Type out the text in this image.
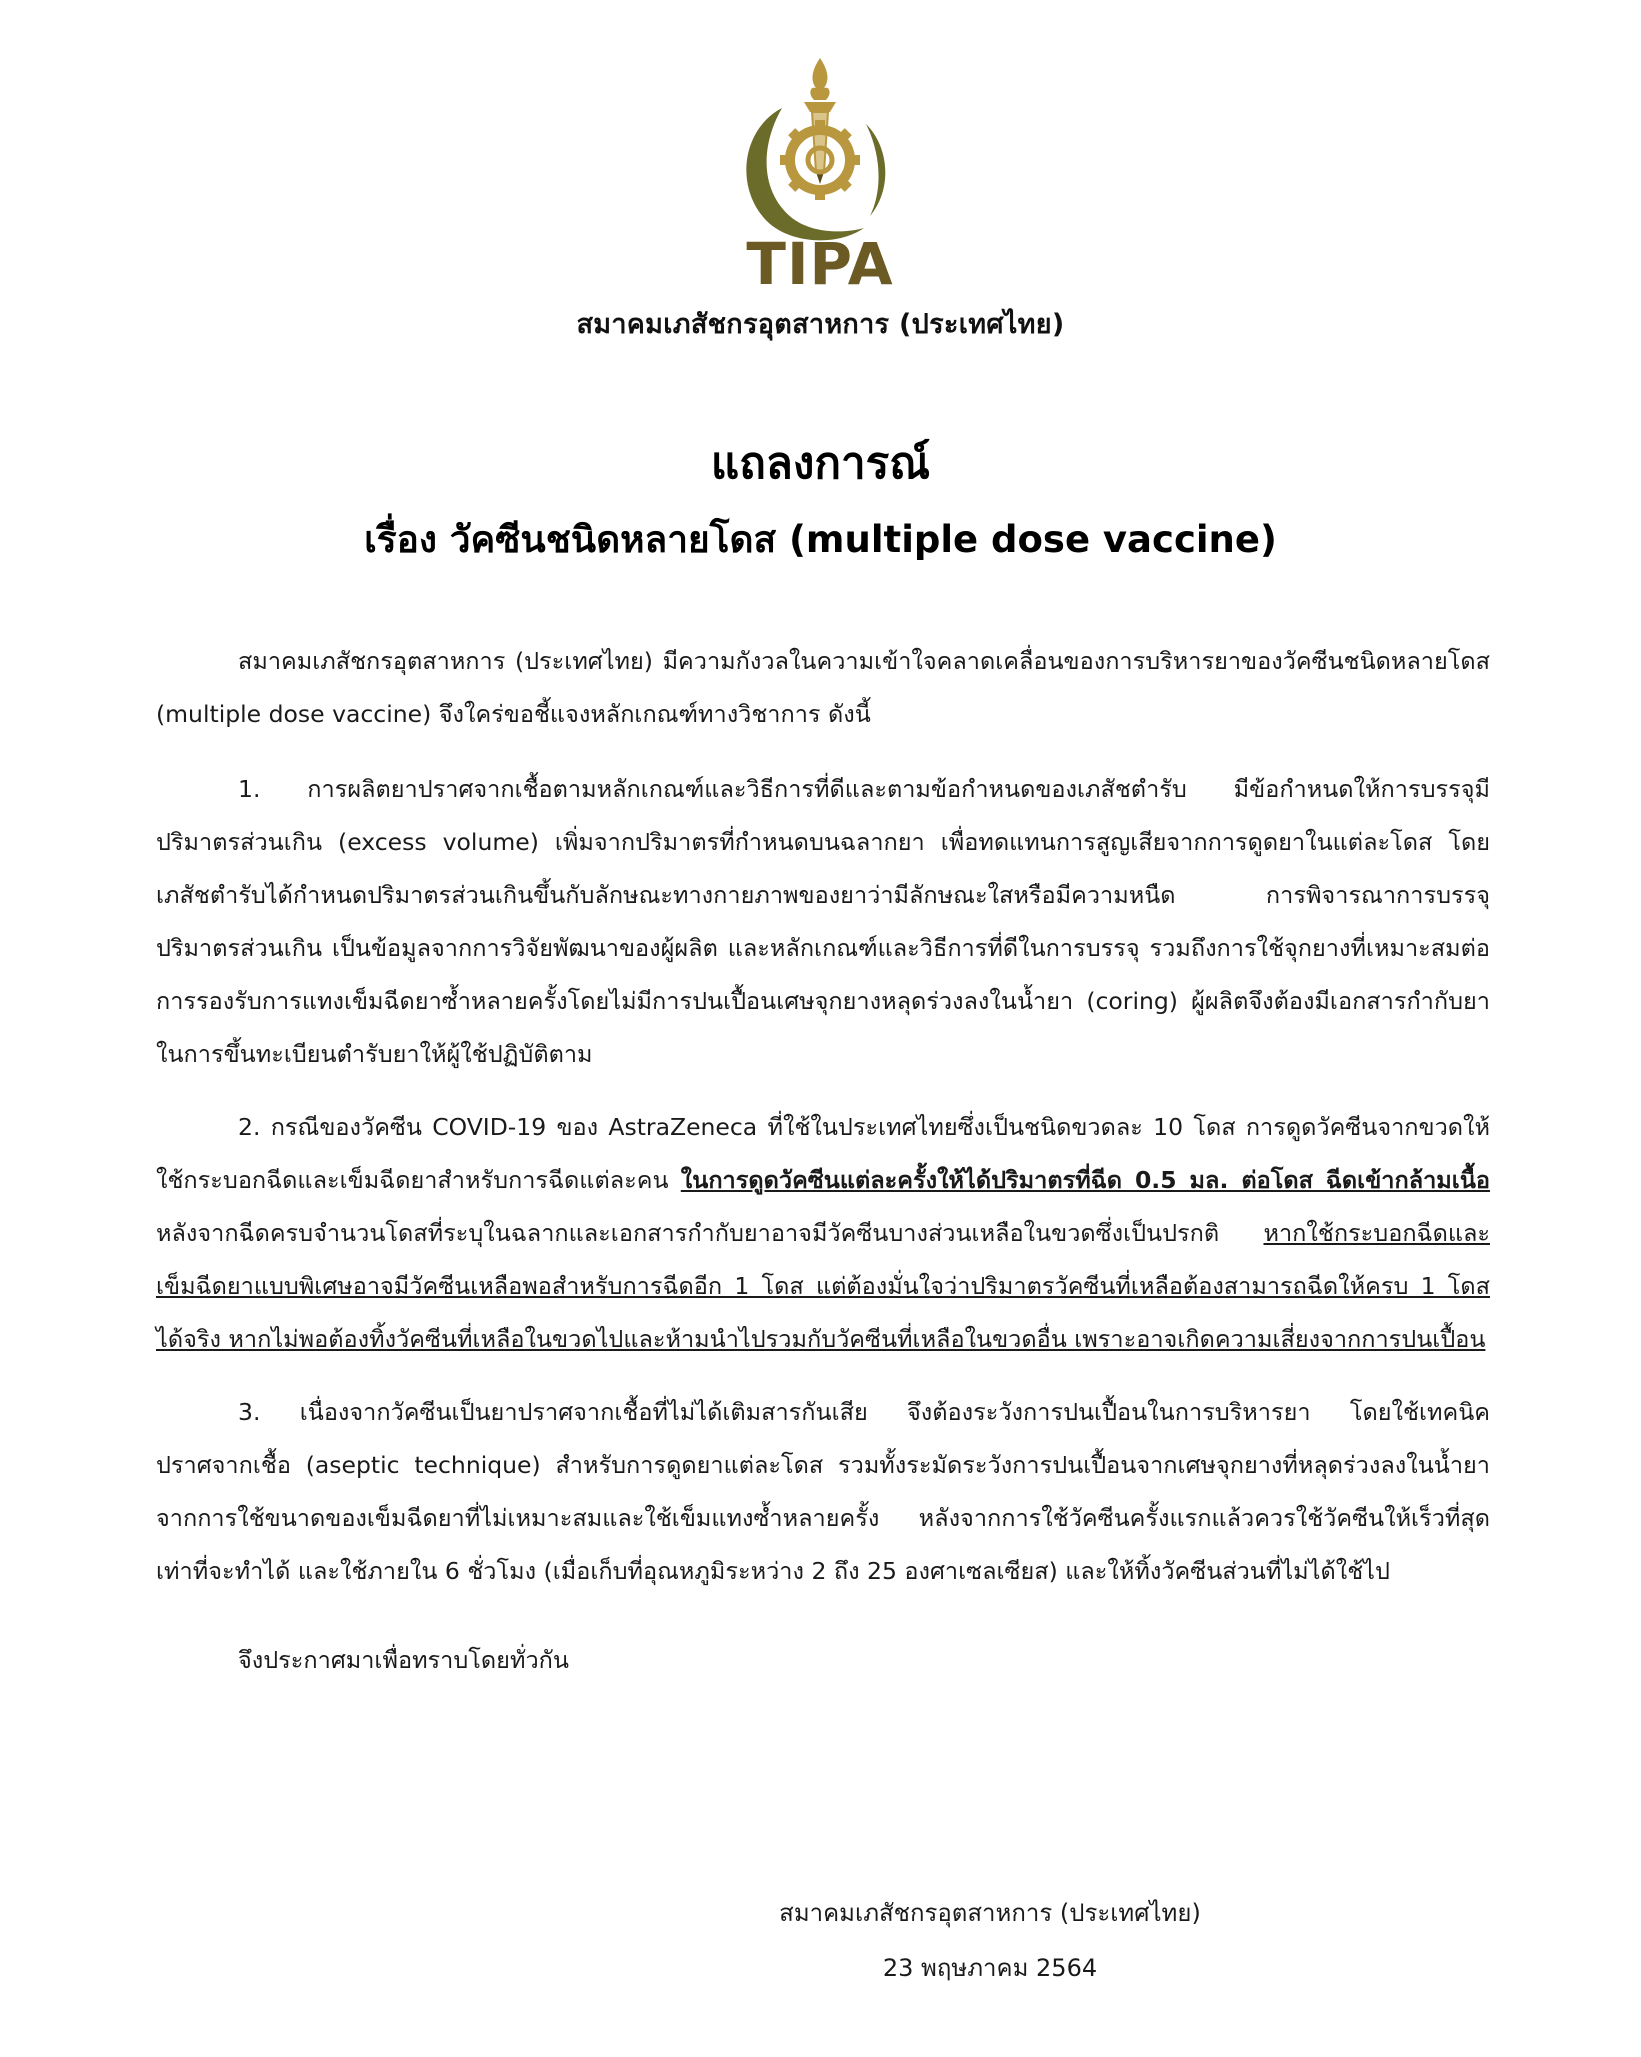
TIPA
สมาคมเภสัชกรอุตสาหการ (ประเทศไทย)
แถลงการณ์
เรื่อง วัคซีนชนิดหลายโดส (multiple dose vaccine)

สมาคมเภสัชกรอุตสาหการ (ประเทศไทย) มีความกังวลในความเข้าใจคลาดเคลื่อนของการบริหารยาของวัคซีนชนิดหลายโดส (multiple dose vaccine) จึงใคร่ขอชี้แจงหลักเกณฑ์ทางวิชาการ ดังนี้

1. การผลิตยาปราศจากเชื้อตามหลักเกณฑ์และวิธีการที่ดีและตามข้อกำหนดของเภสัชตำรับ มีข้อกำหนดให้การบรรจุมีปริมาตรส่วนเกิน (excess volume) เพิ่มจากปริมาตรที่กำหนดบนฉลากยา เพื่อทดแทนการสูญเสียจากการดูดยาในแต่ละโดส โดยเภสัชตำรับได้กำหนดปริมาตรส่วนเกินขึ้นกับลักษณะทางกายภาพของยาว่ามีลักษณะใสหรือมีความหนืด การพิจารณาการบรรจุปริมาตรส่วนเกิน เป็นข้อมูลจากการวิจัยพัฒนาของผู้ผลิต และหลักเกณฑ์และวิธีการที่ดีในการบรรจุ รวมถึงการใช้จุกยางที่เหมาะสมต่อการรองรับการแทงเข็มฉีดยาซ้ำหลายครั้งโดยไม่มีการปนเปื้อนเศษจุกยางหลุดร่วงลงในน้ำยา (coring) ผู้ผลิตจึงต้องมีเอกสารกำกับยาในการขึ้นทะเบียนตำรับยาให้ผู้ใช้ปฏิบัติตาม

2. กรณีของวัคซีน COVID-19 ของ AstraZeneca ที่ใช้ในประเทศไทยซึ่งเป็นชนิดขวดละ 10 โดส การดูดวัคซีนจากขวดให้ใช้กระบอกฉีดและเข็มฉีดยาสำหรับการฉีดแต่ละคน ในการดูดวัคซีนแต่ละครั้งให้ได้ปริมาตรที่ฉีด 0.5 มล. ต่อโดส ฉีดเข้ากล้ามเนื้อ หลังจากฉีดครบจำนวนโดสที่ระบุในฉลากและเอกสารกำกับยาอาจมีวัคซีนบางส่วนเหลือในขวดซึ่งเป็นปรกติ หากใช้กระบอกฉีดและเข็มฉีดยาแบบพิเศษอาจมีวัคซีนเหลือพอสำหรับการฉีดอีก 1 โดส แต่ต้องมั่นใจว่าปริมาตรวัคซีนที่เหลือต้องสามารถฉีดให้ครบ 1 โดสได้จริง หากไม่พอต้องทิ้งวัคซีนที่เหลือในขวดไปและห้ามนำไปรวมกับวัคซีนที่เหลือในขวดอื่น เพราะอาจเกิดความเสี่ยงจากการปนเปื้อน

3. เนื่องจากวัคซีนเป็นยาปราศจากเชื้อที่ไม่ได้เติมสารกันเสีย จึงต้องระวังการปนเปื้อนในการบริหารยา โดยใช้เทคนิคปราศจากเชื้อ (aseptic technique) สำหรับการดูดยาแต่ละโดส รวมทั้งระมัดระวังการปนเปื้อนจากเศษจุกยางที่หลุดร่วงลงในน้ำยาจากการใช้ขนาดของเข็มฉีดยาที่ไม่เหมาะสมและใช้เข็มแทงซ้ำหลายครั้ง หลังจากการใช้วัคซีนครั้งแรกแล้วควรใช้วัคซีนให้เร็วที่สุดเท่าที่จะทำได้ และใช้ภายใน 6 ชั่วโมง (เมื่อเก็บที่อุณหภูมิระหว่าง 2 ถึง 25 องศาเซลเซียส) และให้ทิ้งวัคซีนส่วนที่ไม่ได้ใช้ไป

จึงประกาศมาเพื่อทราบโดยทั่วกัน

สมาคมเภสัชกรอุตสาหการ (ประเทศไทย)
23 พฤษภาคม 2564
